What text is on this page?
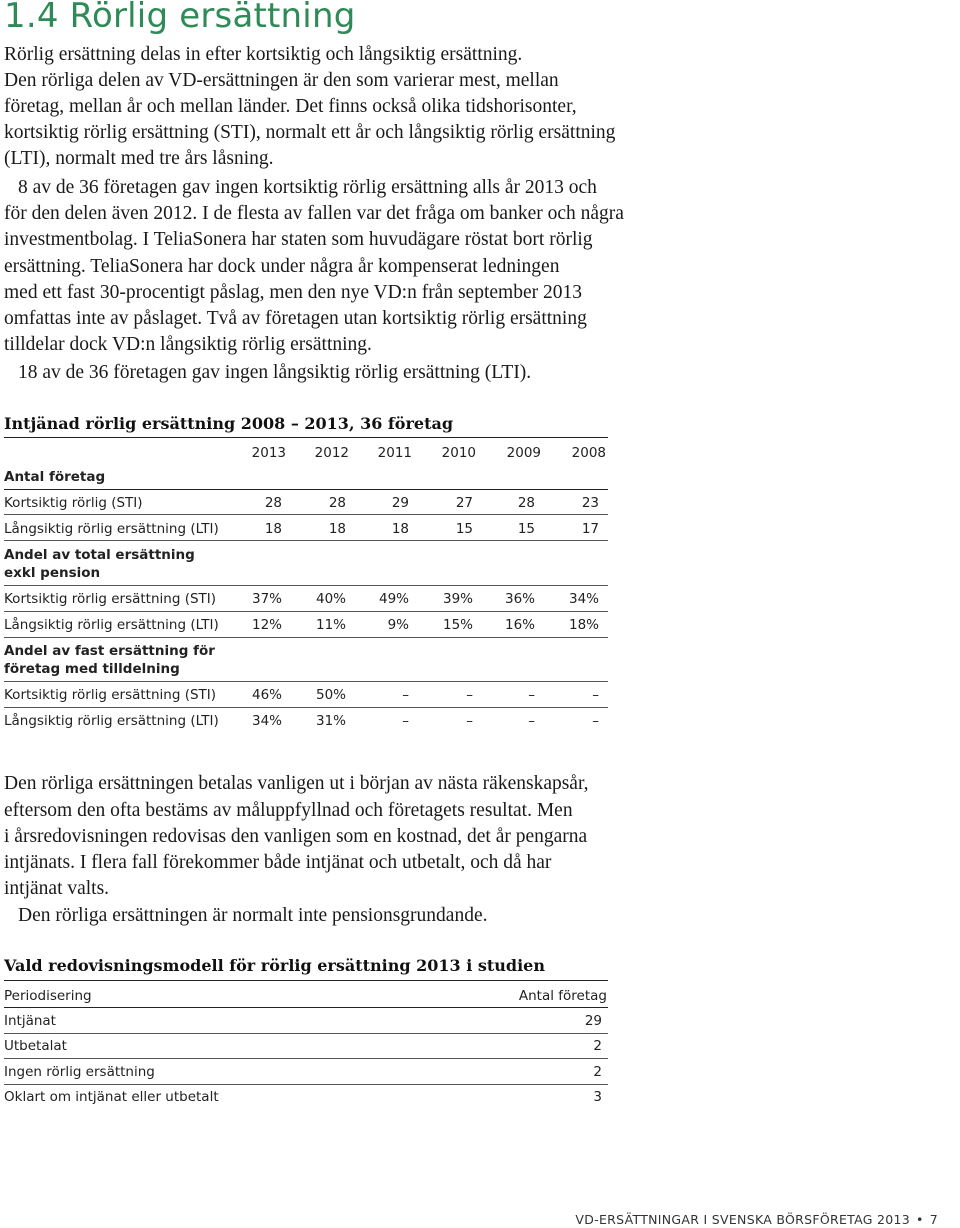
1.4 Rörlig ersättning
Rörlig ersättning delas in efter kortsiktig och långsiktig ersättning.
Den rörliga delen av VD-ersättningen är den som varierar mest, mellan
företag, mellan år och mellan länder. Det finns också olika tidshorisonter,
kortsiktig rörlig ersättning (STI), normalt ett år och långsiktig rörlig ersättning
(LTI), normalt med tre års låsning.
8 av de 36 företagen gav ingen kortsiktig rörlig ersättning alls år 2013 och
för den delen även 2012. I de flesta av fallen var det fråga om banker och några
investmentbolag. I TeliaSonera har staten som huvudägare röstat bort rörlig
ersättning. TeliaSonera har dock under några år kompenserat ledningen
med ett fast 30-procentigt påslag, men den nye VD:n från september 2013
omfattas inte av påslaget. Två av företagen utan kortsiktig rörlig ersättning
tilldelar dock VD:n långsiktig rörlig ersättning.
18 av de 36 företagen gav ingen långsiktig rörlig ersättning (LTI).
Intjänad rörlig ersättning 2008 – 2013, 36 företag
2013	2012	2011	2010	2009	2008
Antal företag
Kortsiktig rörlig (STI)	28	28	29	27	28	23
Långsiktig rörlig ersättning (LTI)	18	18	18	15	15	17
Andel av total ersättning
exkl pension
Kortsiktig rörlig ersättning (STI)	37%	40%	49%	39%	36%	34%
Långsiktig rörlig ersättning (LTI)	12%	11%	9%	15%	16%	18%
Andel av fast ersättning för
företag med tilldelning
Kortsiktig rörlig ersättning (STI)	46%	50%	–	–	–	–
Långsiktig rörlig ersättning (LTI)	34%	31%	–	–	–	–
Den rörliga ersättningen betalas vanligen ut i början av nästa räkenskapsår,
eftersom den ofta bestäms av måluppfyllnad och företagets resultat. Men
i årsredovisningen redovisas den vanligen som en kostnad, det år pengarna
intjänats. I flera fall förekommer både intjänat och utbetalt, och då har
intjänat valts.
Den rörliga ersättningen är normalt inte pensionsgrundande.
Vald redovisningsmodell för rörlig ersättning 2013 i studien
Periodisering	Antal företag
Intjänat	29
Utbetalat	2
Ingen rörlig ersättning	2
Oklart om intjänat eller utbetalt	3
VD-ERSÄTTNINGAR I SVENSKA BÖRSFÖRETAG 2013 • 7
